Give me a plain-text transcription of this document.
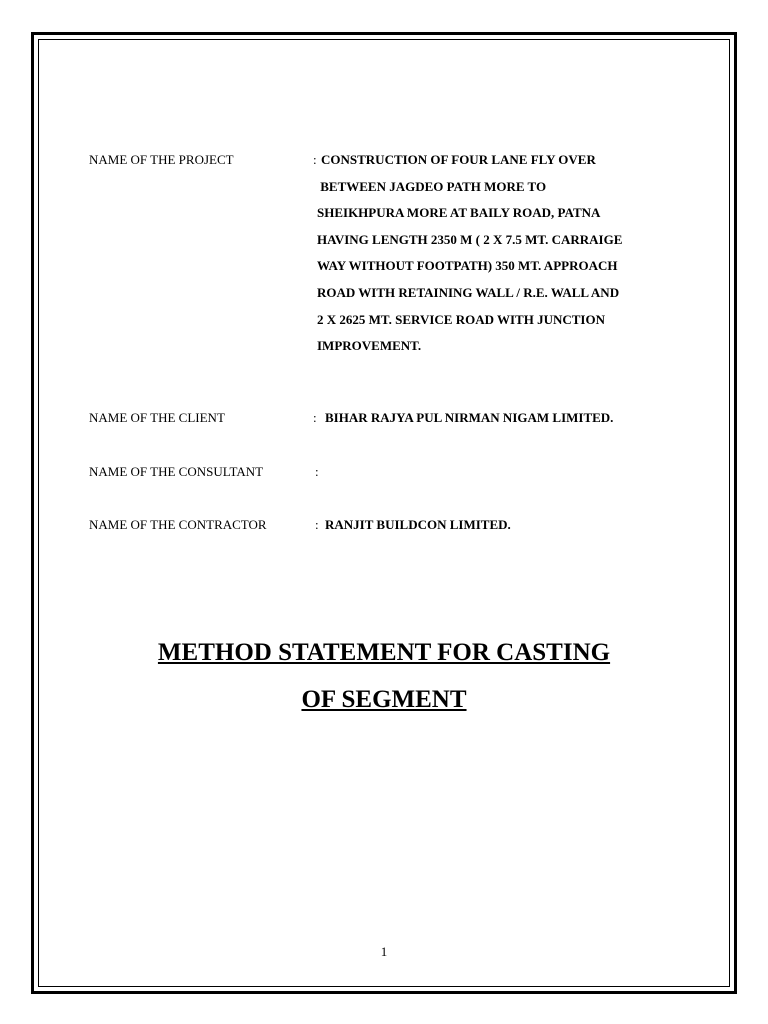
NAME OF THE PROJECT	: CONSTRUCTION OF FOUR LANE FLY OVER
BETWEEN JAGDEO PATH MORE TO
SHEIKHPURA MORE AT BAILY ROAD, PATNA
HAVING LENGTH 2350 M ( 2 X 7.5 MT. CARRAIGE
WAY WITHOUT FOOTPATH) 350 MT. APPROACH
ROAD WITH RETAINING WALL / R.E. WALL AND
2 X 2625 MT. SERVICE ROAD WITH JUNCTION
IMPROVEMENT.
NAME OF THE CLIENT	: BIHAR RAJYA PUL NIRMAN NIGAM LIMITED.
NAME OF THE CONSULTANT	:
NAME OF THE CONTRACTOR	: RANJIT BUILDCON LIMITED.
METHOD STATEMENT FOR CASTING
OF SEGMENT
1
